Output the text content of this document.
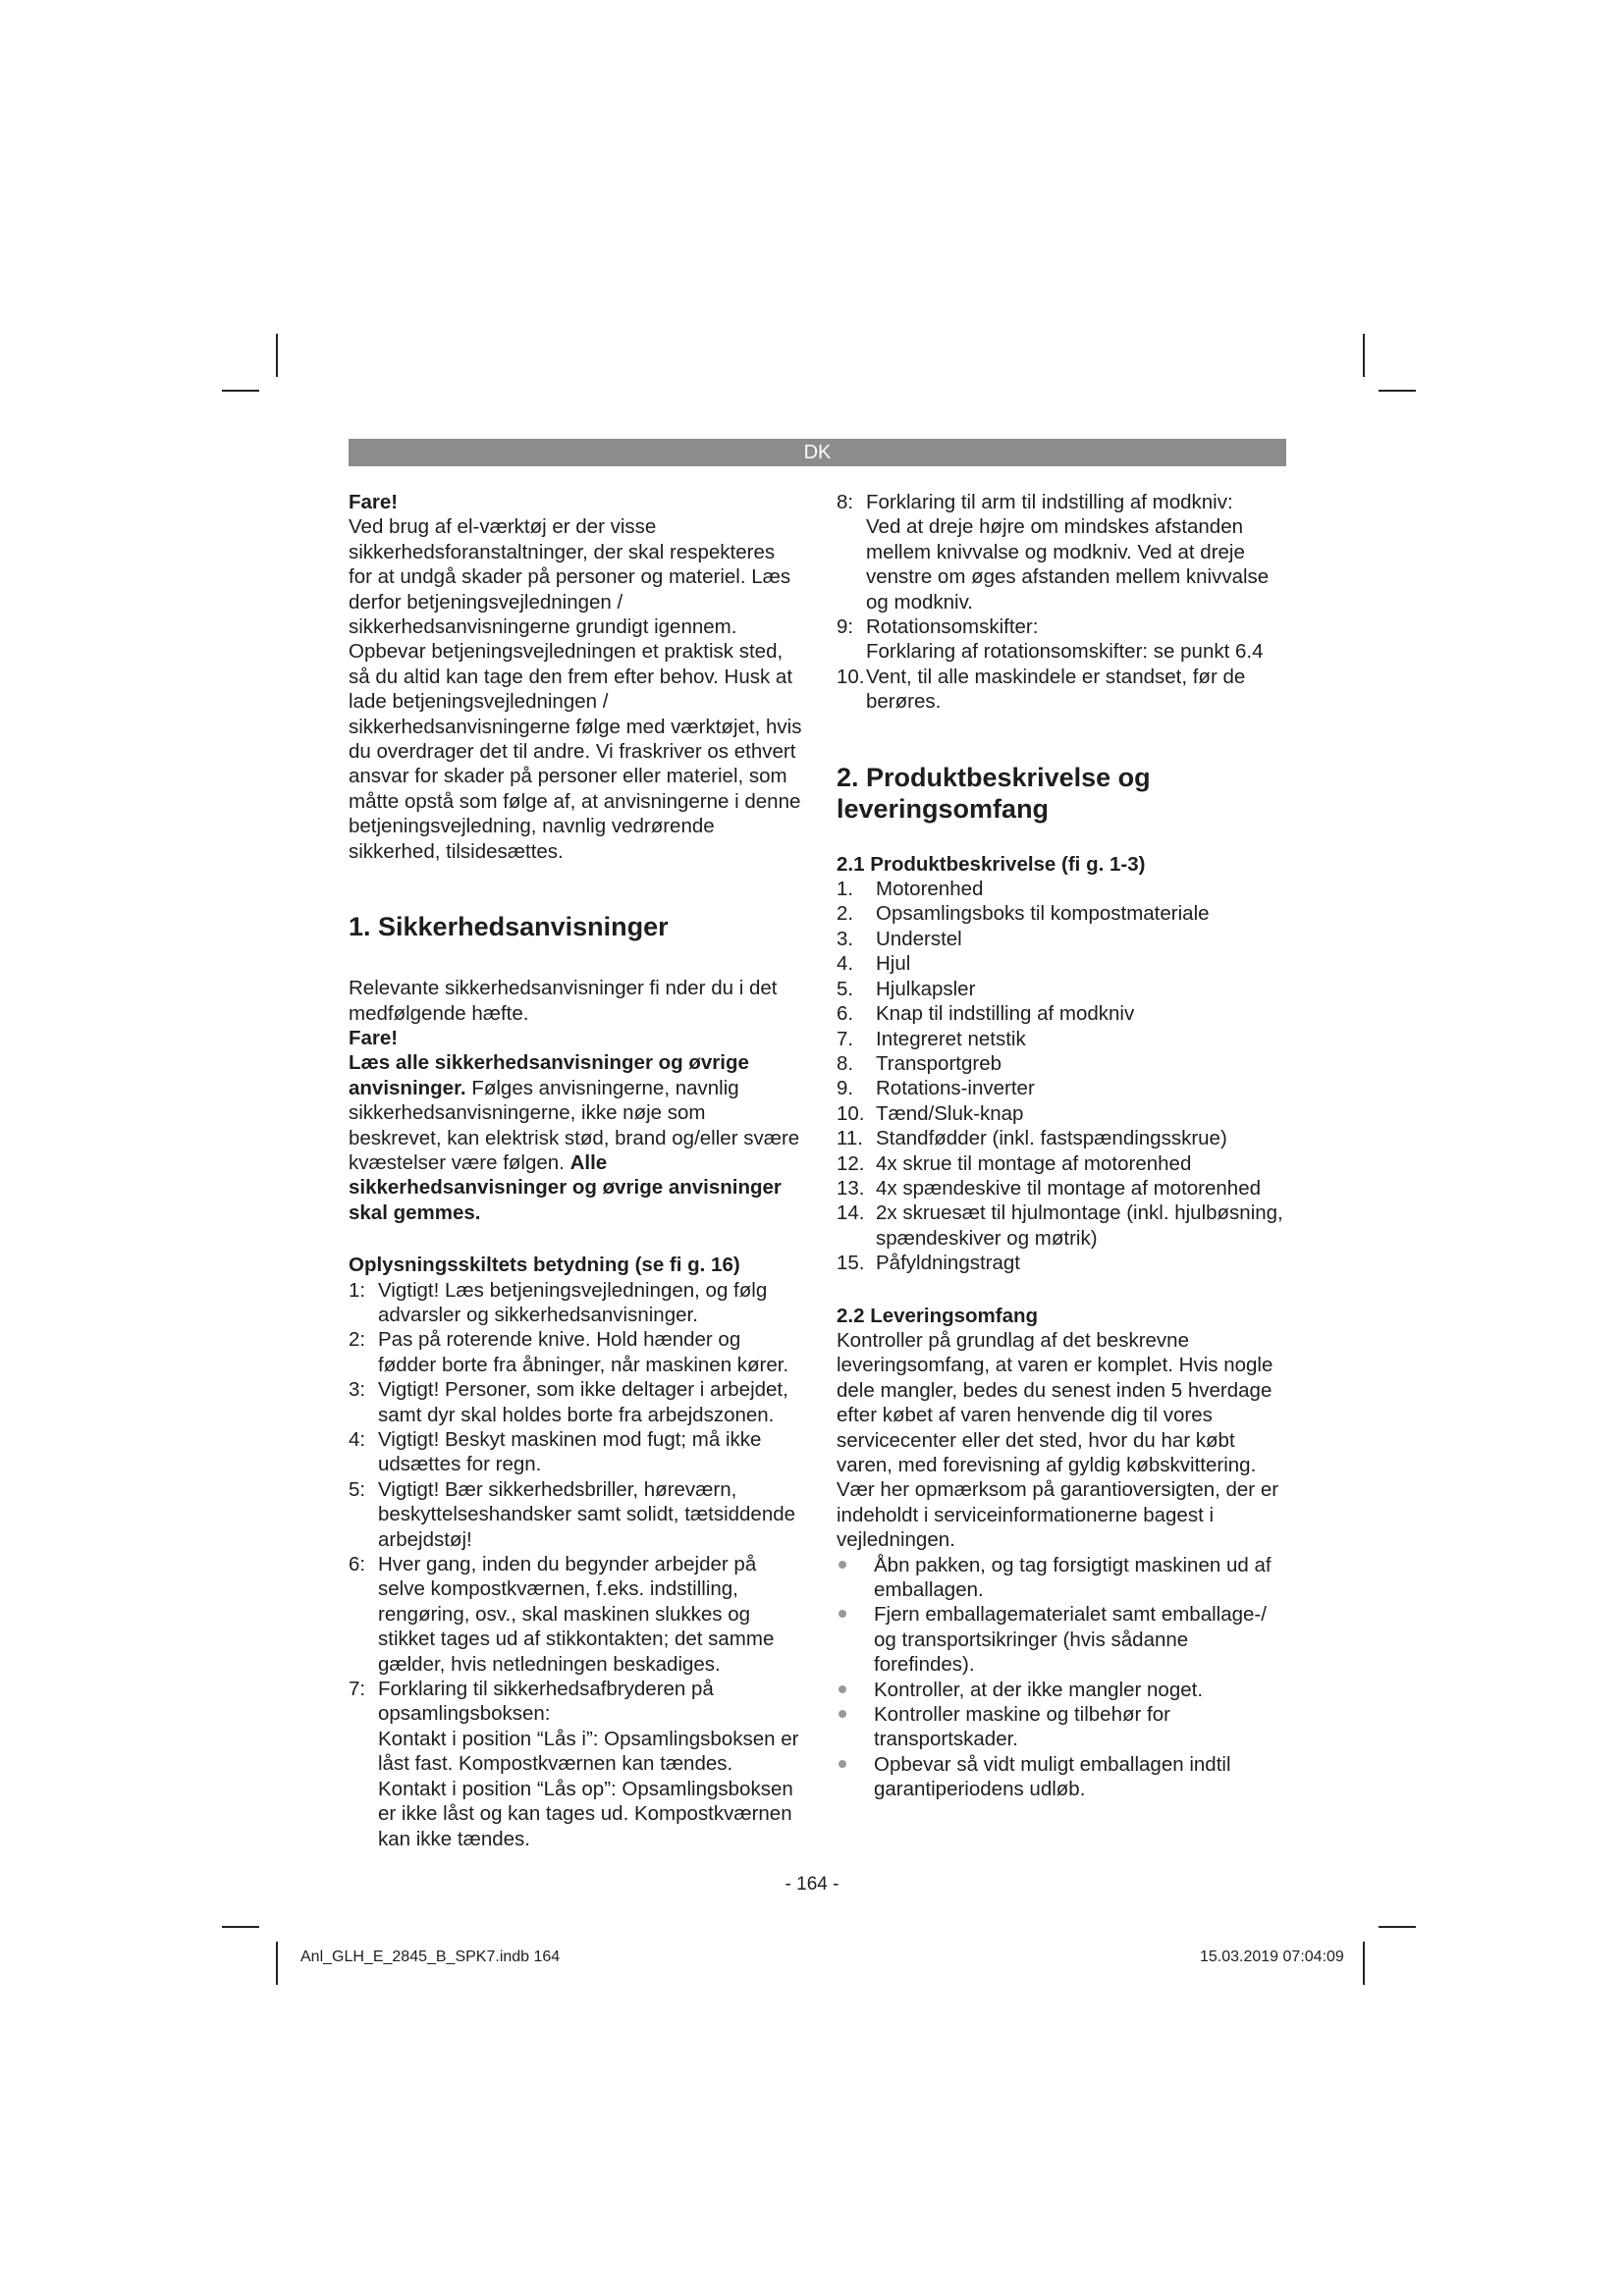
DK

Fare!

Ved brug af el-værktøj er der visse sikkerhedsforanstaltninger, der skal respekteres for at undgå skader på personer og materiel. Læs derfor betjeningsvejledningen / sikkerhedsanvisningerne grundigt igennem. Opbevar betjeningsvejledningen et praktisk sted, så du altid kan tage den frem efter behov. Husk at lade betjeningsvejledningen / sikkerhedsanvisningerne følge med værktøjet, hvis du overdrager det til andre. Vi fraskriver os ethvert ansvar for skader på personer eller materiel, som måtte opstå som følge af, at anvisningerne i denne betjeningsvejledning, navnlig vedrørende sikkerhed, tilsidesættes.

1. Sikkerhedsanvisninger

Relevante sikkerhedsanvisninger fi nder du i det medfølgende hæfte.

Fare!

Læs alle sikkerhedsanvisninger og øvrige anvisninger. Følges anvisningerne, navnlig sikkerhedsanvisningerne, ikke nøje som beskrevet, kan elektrisk stød, brand og/eller svære kvæstelser være følgen. Alle sikkerhedsanvisninger og øvrige anvisninger skal gemmes.

Oplysningsskiltets betydning (se fi g. 16)

1: Vigtigt! Læs betjeningsvejledningen, og følg advarsler og sikkerhedsanvisninger.
2: Pas på roterende knive. Hold hænder og fødder borte fra åbninger, når maskinen kører.
3: Vigtigt! Personer, som ikke deltager i arbejdet, samt dyr skal holdes borte fra arbejdszonen.
4: Vigtigt! Beskyt maskinen mod fugt; må ikke udsættes for regn.
5: Vigtigt! Bær sikkerhedsbriller, høreværn, beskyttelseshandsker samt solidt, tætsiddende arbejdstøj!
6: Hver gang, inden du begynder arbejder på selve kompostkværnen, f.eks. indstilling, rengøring, osv., skal maskinen slukkes og stikket tages ud af stikkontakten; det samme gælder, hvis netledningen beskadiges.
7: Forklaring til sikkerhedsafbryderen på opsamlingsboksen:

Kontakt i position “Lås i”: Opsamlingsboksen er låst fast. Kompostkværnen kan tændes.

Kontakt i position “Lås op”: Opsamlingsboksen er ikke låst og kan tages ud. Kompostkværnen kan ikke tændes.

8: Forklaring til arm til indstilling af modkniv:

Ved at dreje højre om mindskes afstanden mellem knivvalse og modkniv. Ved at dreje venstre om øges afstanden mellem knivvalse og modkniv.

9: Rotationsomskifter:

Forklaring af rotationsomskifter: se punkt 6.4

10. Vent, til alle maskindele er standset, før de berøres.

2. Produktbeskrivelse og leveringsomfang

2.1 Produktbeskrivelse (fi g. 1-3)

1. Motorenhed
2. Opsamlingsboks til kompostmateriale
3. Understel
4. Hjul
5. Hjulkapsler
6. Knap til indstilling af modkniv
7. Integreret netstik
8. Transportgreb
9. Rotations-inverter
10. Tænd/Sluk-knap
11. Standfødder (inkl. fastspændingsskrue)
12. 4x skrue til montage af motorenhed
13. 4x spændeskive til montage af motorenhed
14. 2x skruesæt til hjulmontage (inkl. hjulbøsning, spændeskiver og møtrik)
15. Påfyldningstragt

2.2 Leveringsomfang

Kontroller på grundlag af det beskrevne leveringsomfang, at varen er komplet. Hvis nogle dele mangler, bedes du senest inden 5 hverdage efter købet af varen henvende dig til vores servicecenter eller det sted, hvor du har købt varen, med forevisning af gyldig købskvittering. Vær her opmærksom på garantioversigten, der er indeholdt i serviceinformationerne bagest i vejledningen.

Åbn pakken, og tag forsigtigt maskinen ud af emballagen.
Fjern emballagematerialet samt emballage-/ og transportsikringer (hvis sådanne forefindes).
Kontroller, at der ikke mangler noget.
Kontroller maskine og tilbehør for transportskader.
Opbevar så vidt muligt emballagen indtil garantiperiodens udløb.
- 164 -
Anl_GLH_E_2845_B_SPK7.indb 164	15.03.2019 07:04:09
